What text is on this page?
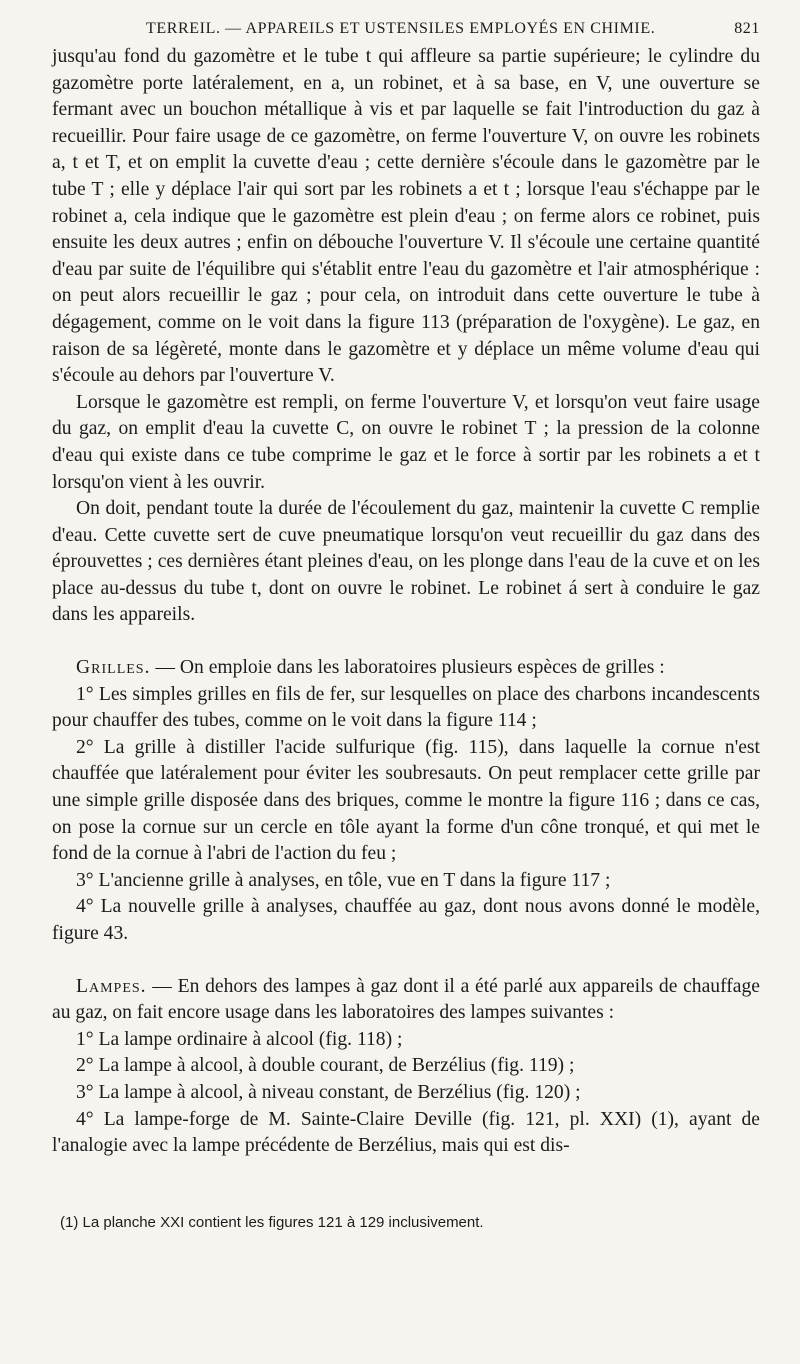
TERREIL. — APPAREILS ET USTENSILES EMPLOYÉS EN CHIMIE.	821

jusqu'au fond du gazomètre et le tube t qui affleure sa partie supérieure; le cylindre du gazomètre porte latéralement, en a, un robinet, et à sa base, en V, une ouverture se fermant avec un bouchon métallique à vis et par laquelle se fait l'introduction du gaz à recueillir. Pour faire usage de ce gazomètre, on ferme l'ouverture V, on ouvre les robinets a, t et T, et on emplit la cuvette d'eau ; cette dernière s'écoule dans le gazomètre par le tube T ; elle y déplace l'air qui sort par les robinets a et t ; lorsque l'eau s'échappe par le robinet a, cela indique que le gazomètre est plein d'eau ; on ferme alors ce robinet, puis ensuite les deux autres ; enfin on débouche l'ouverture V. Il s'écoule une certaine quantité d'eau par suite de l'équilibre qui s'établit entre l'eau du gazomètre et l'air atmosphérique : on peut alors recueillir le gaz ; pour cela, on introduit dans cette ouverture le tube à dégagement, comme on le voit dans la figure 113 (préparation de l'oxygène). Le gaz, en raison de sa légèreté, monte dans le gazomètre et y déplace un même volume d'eau qui s'écoule au dehors par l'ouverture V.

Lorsque le gazomètre est rempli, on ferme l'ouverture V, et lorsqu'on veut faire usage du gaz, on emplit d'eau la cuvette C, on ouvre le robinet T ; la pression de la colonne d'eau qui existe dans ce tube comprime le gaz et le force à sortir par les robinets a et t lorsqu'on vient à les ouvrir.

On doit, pendant toute la durée de l'écoulement du gaz, maintenir la cuvette C remplie d'eau. Cette cuvette sert de cuve pneumatique lorsqu'on veut recueillir du gaz dans des éprouvettes ; ces dernières étant pleines d'eau, on les plonge dans l'eau de la cuve et on les place au-dessus du tube t, dont on ouvre le robinet. Le robinet á sert à conduire le gaz dans les appareils.

Grilles. — On emploie dans les laboratoires plusieurs espèces de grilles :

1° Les simples grilles en fils de fer, sur lesquelles on place des charbons incandescents pour chauffer des tubes, comme on le voit dans la figure 114 ;

2° La grille à distiller l'acide sulfurique (fig. 115), dans laquelle la cornue n'est chauffée que latéralement pour éviter les soubresauts. On peut remplacer cette grille par une simple grille disposée dans des briques, comme le montre la figure 116 ; dans ce cas, on pose la cornue sur un cercle en tôle ayant la forme d'un cône tronqué, et qui met le fond de la cornue à l'abri de l'action du feu ;

3° L'ancienne grille à analyses, en tôle, vue en T dans la figure 117 ;

4° La nouvelle grille à analyses, chauffée au gaz, dont nous avons donné le modèle, figure 43.

Lampes. — En dehors des lampes à gaz dont il a été parlé aux appareils de chauffage au gaz, on fait encore usage dans les laboratoires des lampes suivantes :

1° La lampe ordinaire à alcool (fig. 118) ;

2° La lampe à alcool, à double courant, de Berzélius (fig. 119) ;

3° La lampe à alcool, à niveau constant, de Berzélius (fig. 120) ;

4° La lampe-forge de M. Sainte-Claire Deville (fig. 121, pl. XXI) (1), ayant de l'analogie avec la lampe précédente de Berzélius, mais qui est dis-

(1) La planche XXI contient les figures 121 à 129 inclusivement.
